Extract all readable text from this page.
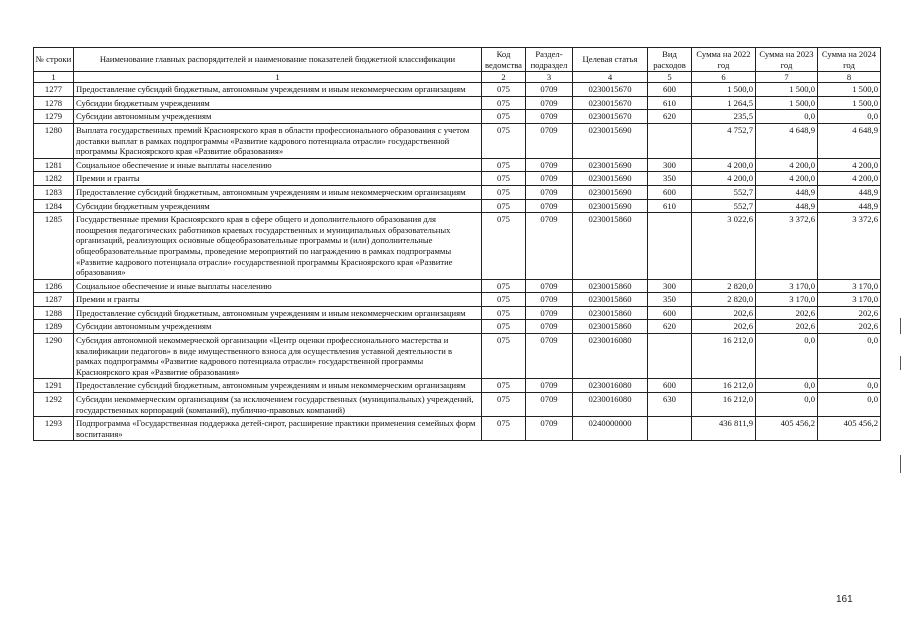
№ строки	Наименование главных распорядителей и наименование показателей бюджетной классификации	Код ведомства	Раздел-подраздел	Целевая статья	Вид расходов	Сумма на 2022 год	Сумма на 2023 год	Сумма на 2024 год
1	1	2	3	4	5	6	7	8
1277	Предоставление субсидий бюджетным, автономным учреждениям и иным некоммерческим организациям	075	0709	0230015670	600	1 500,0	1 500,0	1 500,0
1278	Субсидии бюджетным учреждениям	075	0709	0230015670	610	1 264,5	1 500,0	1 500,0
1279	Субсидии автономным учреждениям	075	0709	0230015670	620	235,5	0,0	0,0
1280	Выплата государственных премий Красноярского края в области профессионального образования с учетом доставки выплат в рамках подпрограммы «Развитие кадрового потенциала отрасли» государственной программы Красноярского края «Развитие образования»	075	0709	0230015690		4 752,7	4 648,9	4 648,9
1281	Социальное обеспечение и иные выплаты населению	075	0709	0230015690	300	4 200,0	4 200,0	4 200,0
1282	Премии и гранты	075	0709	0230015690	350	4 200,0	4 200,0	4 200,0
1283	Предоставление субсидий бюджетным, автономным учреждениям и иным некоммерческим организациям	075	0709	0230015690	600	552,7	448,9	448,9
1284	Субсидии бюджетным учреждениям	075	0709	0230015690	610	552,7	448,9	448,9
1285	Государственные премии Красноярского края в сфере общего и дополнительного образования для поощрения педагогических работников краевых государственных и муниципальных образовательных организаций, реализующих основные общеобразовательные программы и (или) дополнительные общеобразовательные программы, проведение мероприятий по награждению в рамках подпрограммы «Развитие кадрового потенциала отрасли» государственной программы Красноярского края «Развитие образования»	075	0709	0230015860		3 022,6	3 372,6	3 372,6
1286	Социальное обеспечение и иные выплаты населению	075	0709	0230015860	300	2 820,0	3 170,0	3 170,0
1287	Премии и гранты	075	0709	0230015860	350	2 820,0	3 170,0	3 170,0
1288	Предоставление субсидий бюджетным, автономным учреждениям и иным некоммерческим организациям	075	0709	0230015860	600	202,6	202,6	202,6
1289	Субсидии автономным учреждениям	075	0709	0230015860	620	202,6	202,6	202,6
1290	Субсидия автономной некоммерческой организации «Центр оценки профессионального мастерства и квалификации педагогов» в виде имущественного взноса для осуществления уставной деятельности в рамках подпрограммы «Развитие кадрового потенциала отрасли» государственной программы Красноярского края «Развитие образования»	075	0709	0230016080		16 212,0	0,0	0,0
1291	Предоставление субсидий бюджетным, автономным учреждениям и иным некоммерческим организациям	075	0709	0230016080	600	16 212,0	0,0	0,0
1292	Субсидии некоммерческим организациям (за исключением государственных (муниципальных) учреждений, государственных корпораций (компаний), публично-правовых компаний)	075	0709	0230016080	630	16 212,0	0,0	0,0
1293	Подпрограмма «Государственная поддержка детей-сирот, расширение практики применения семейных форм воспитания»	075	0709	0240000000		436 811,9	405 456,2	405 456,2
161
